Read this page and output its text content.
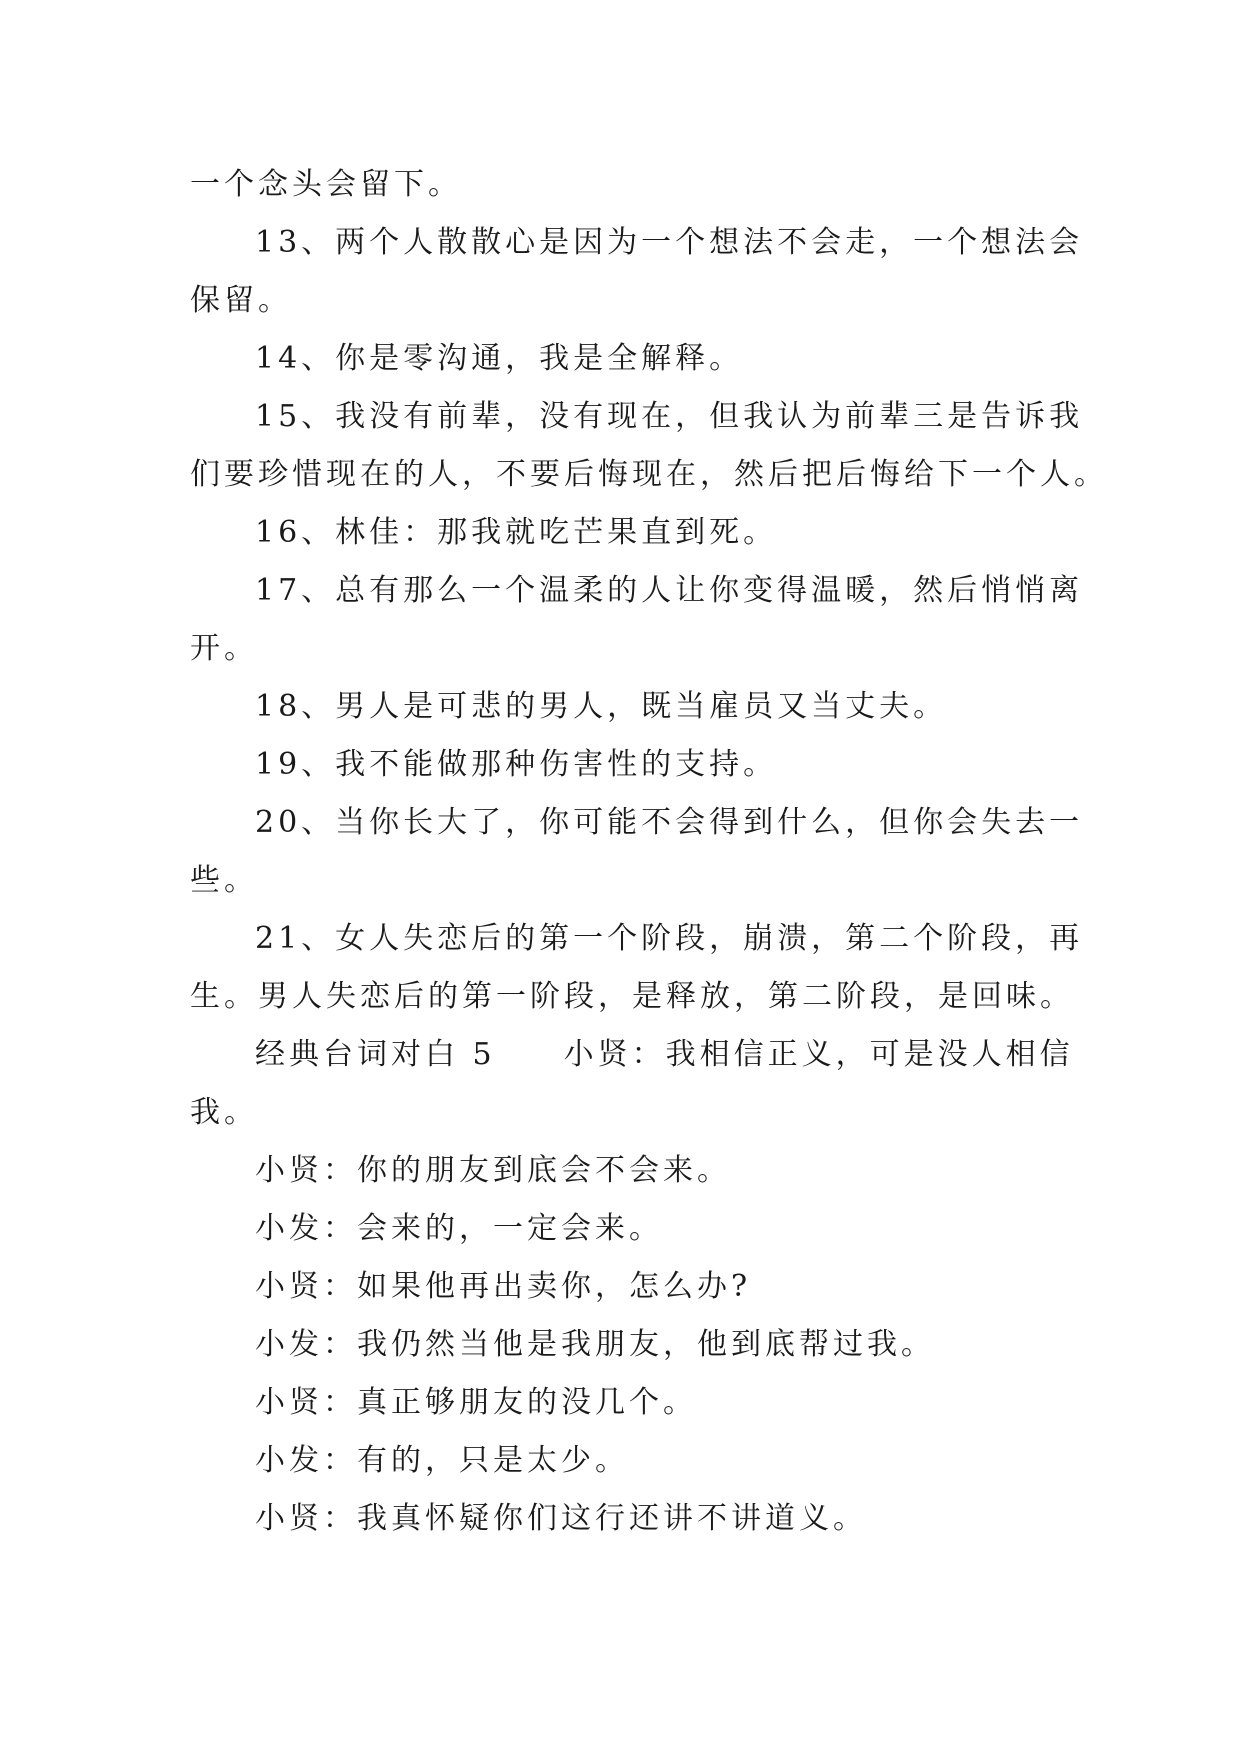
一个念头会留下。

13、两个人散散心是因为一个想法不会走，一个想法会

保留。

14、你是零沟通，我是全解释。

15、我没有前辈，没有现在，但我认为前辈三是告诉我

们要珍惜现在的人，不要后悔现在，然后把后悔给下一个人。

16、林佳：那我就吃芒果直到死。

17、总有那么一个温柔的人让你变得温暖，然后悄悄离

开。

18、男人是可悲的男人，既当雇员又当丈夫。

19、我不能做那种伤害性的支持。

20、当你长大了，你可能不会得到什么，但你会失去一

些。

21、女人失恋后的第一个阶段，崩溃，第二个阶段，再

生。男人失恋后的第一阶段，是释放，第二阶段，是回味。

经典台词对白 5　　小贤：我相信正义，可是没人相信

我。

小贤：你的朋友到底会不会来。

小发：会来的，一定会来。

小贤：如果他再出卖你，怎么办?

小发：我仍然当他是我朋友，他到底帮过我。

小贤：真正够朋友的没几个。

小发：有的，只是太少。

小贤：我真怀疑你们这行还讲不讲道义。
